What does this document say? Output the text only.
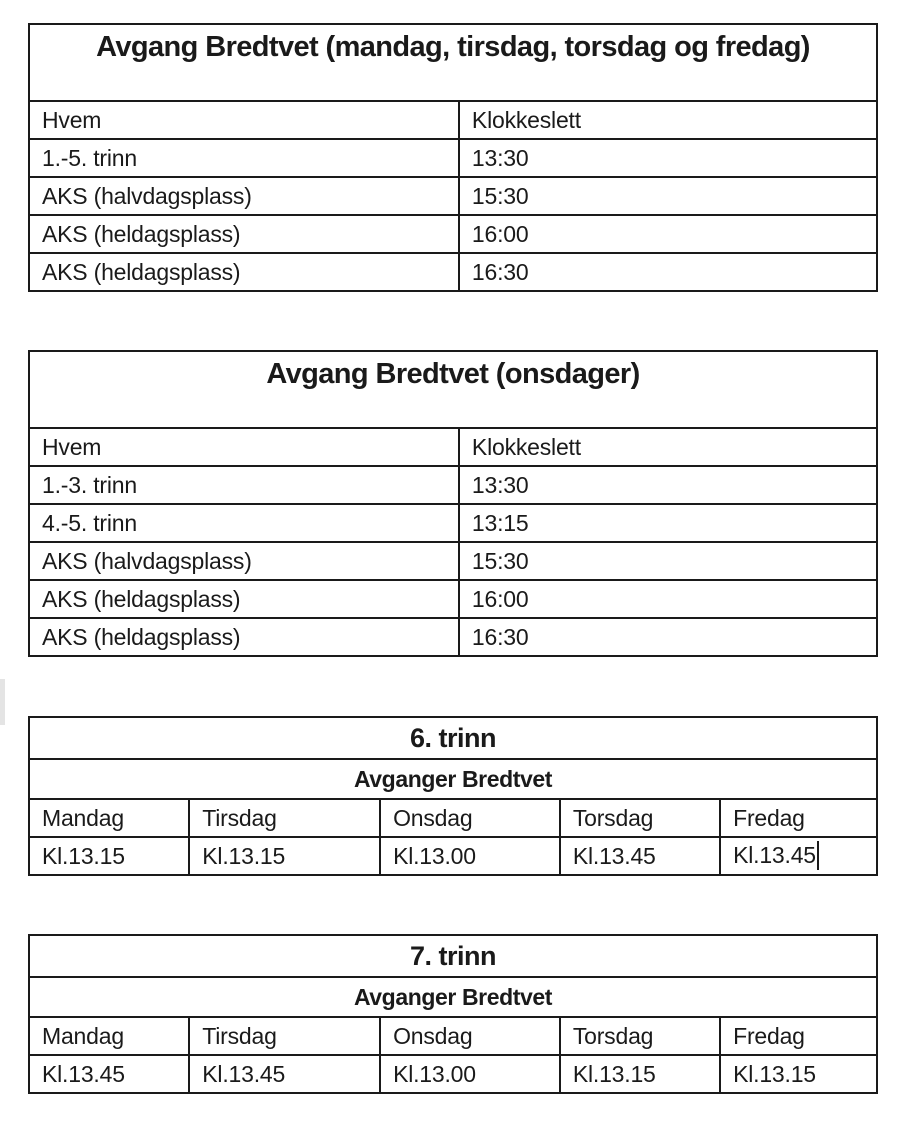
Avgang Bredtvet (mandag, tirsdag, torsdag og fredag)	
Hvem	Klokkeslett
1.-5. trinn	13:30
AKS (halvdagsplass)	15:30
AKS (heldagsplass)	16:00
AKS (heldagsplass)	16:30
Avgang Bredtvet (onsdager)	
Hvem	Klokkeslett
1.-3. trinn	13:30
4.-5. trinn	13:15
AKS (halvdagsplass)	15:30
AKS (heldagsplass)	16:00
AKS (heldagsplass)	16:30
6. trinn				
Avganger Bredtvet				
Mandag	Tirsdag	Onsdag	Torsdag	Fredag
Kl.13.15	Kl.13.15	Kl.13.00	Kl.13.45	Kl.13.45
7. trinn				
Avganger Bredtvet				
Mandag	Tirsdag	Onsdag	Torsdag	Fredag
Kl.13.45	Kl.13.45	Kl.13.00	Kl.13.15	Kl.13.15
